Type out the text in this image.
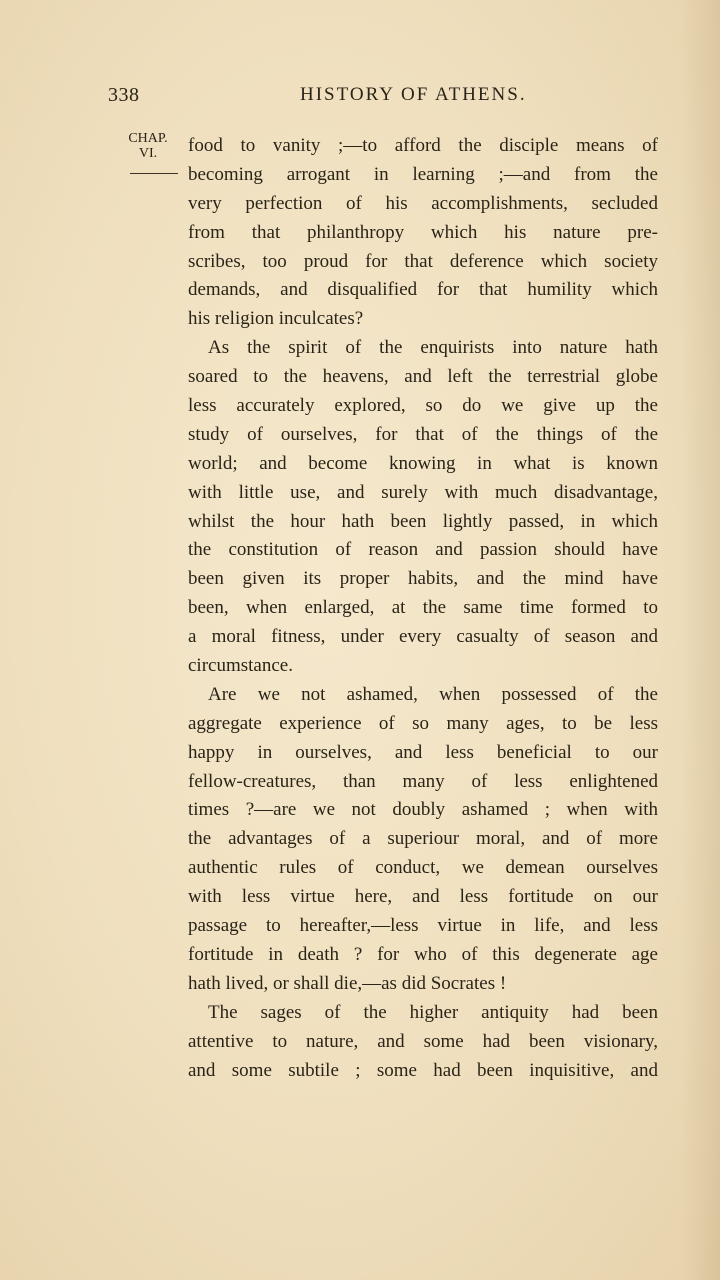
338	HISTORY OF ATHENS.
CHAP.
VI.	food to vanity ;—to afford the disciple means of
becoming arrogant in learning ;—and from the
very perfection of his accomplishments, secluded
from that philanthropy which his nature pre-
scribes, too proud for that deference which society
demands, and disqualified for that humility which
his religion inculcates?
As the spirit of the enquirists into nature hath
soared to the heavens, and left the terrestrial globe
less accurately explored, so do we give up the
study of ourselves, for that of the things of the
world; and become knowing in what is known
with little use, and surely with much disadvantage,
whilst the hour hath been lightly passed, in which
the constitution of reason and passion should have
been given its proper habits, and the mind have
been, when enlarged, at the same time formed to
a moral fitness, under every casualty of season and
circumstance.
Are we not ashamed, when possessed of the
aggregate experience of so many ages, to be less
happy in ourselves, and less beneficial to our
fellow-creatures, than many of less enlightened
times ?—are we not doubly ashamed ; when with
the advantages of a superiour moral, and of more
authentic rules of conduct, we demean ourselves
with less virtue here, and less fortitude on our
passage to hereafter,—less virtue in life, and less
fortitude in death ? for who of this degenerate age
hath lived, or shall die,—as did Socrates !
The sages of the higher antiquity had been
attentive to nature, and some had been visionary,
and some subtile ; some had been inquisitive, and
